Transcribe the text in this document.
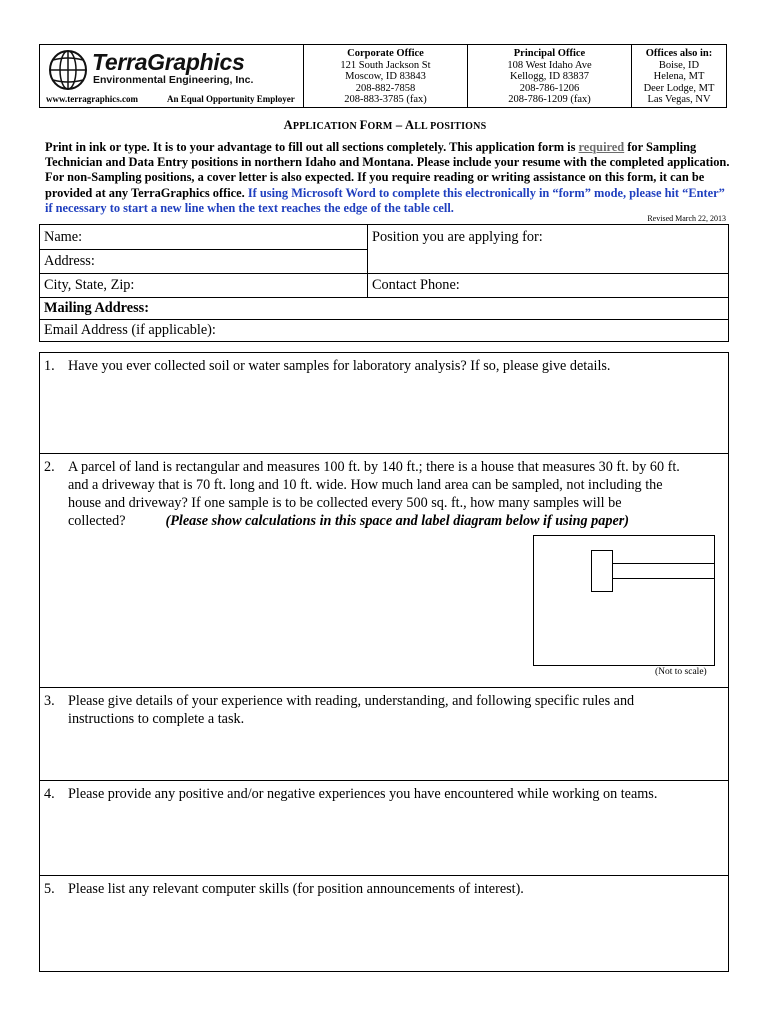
TerraGraphics
Environmental Engineering, Inc.
www.terragraphics.com	An Equal Opportunity Employer
Corporate Office
121 South Jackson St
Moscow, ID 83843
208-882-7858
208-883-3785 (fax)
Principal Office
108 West Idaho Ave
Kellogg, ID 83837
208-786-1206
208-786-1209 (fax)
Offices also in:
Boise, ID
Helena, MT
Deer Lodge, MT
Las Vegas, NV
APPLICATION FORM – ALL POSITIONS
Print in ink or type. It is to your advantage to fill out all sections completely. This application form is required for Sampling Technician and Data Entry positions in northern Idaho and Montana. Please include your resume with the completed application. For non-Sampling positions, a cover letter is also expected. If you require reading or writing assistance on this form, it can be provided at any TerraGraphics office. If using Microsoft Word to complete this electronically in “form” mode, please hit “Enter” if necessary to start a new line when the text reaches the edge of the table cell.
Revised March 22, 2013
Name:
Address:
Position you are applying for:
City, State, Zip:	Contact Phone:
Mailing Address:
Email Address (if applicable):
1. Have you ever collected soil or water samples for laboratory analysis? If so, please give details.
2. A parcel of land is rectangular and measures 100 ft. by 140 ft.; there is a house that measures 30 ft. by 60 ft.
and a driveway that is 70 ft. long and 10 ft. wide. How much land area can be sampled, not including the
house and driveway? If one sample is to be collected every 500 sq. ft., how many samples will be
collected?	(Please show calculations in this space and label diagram below if using paper)
3. Please give details of your experience with reading, understanding, and following specific rules and
instructions to complete a task.
4. Please provide any positive and/or negative experiences you have encountered while working on teams.
5. Please list any relevant computer skills (for position announcements of interest).
(Not to scale)
